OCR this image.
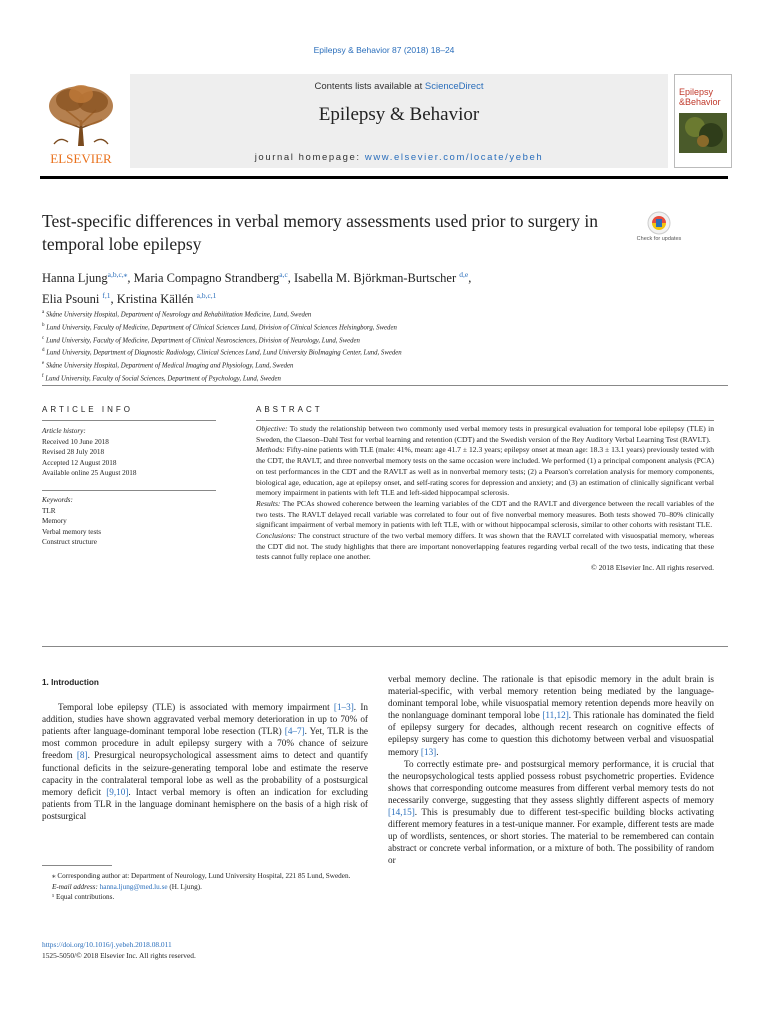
Epilepsy & Behavior 87 (2018) 18–24
ELSEVIER
Contents lists available at ScienceDirect
Epilepsy & Behavior
journal homepage: www.elsevier.com/locate/yebeh
Epilepsy
&Behavior
Test-specific differences in verbal memory assessments used prior to surgery in temporal lobe epilepsy	Check for updates
Hanna Ljung$^{a,b,c,⁎}$, Maria Compagno Strandberg$^{a,c}$, Isabella M. Björkman-Burtscher $^{d,e}$,
Elia Psouni $^{f,1}$, Kristina Källén $^{a,b,c,1}$
$^a$ Skåne University Hospital, Department of Neurology and Rehabilitation Medicine, Lund, Sweden
$^b$ Lund University, Faculty of Medicine, Department of Clinical Sciences Lund, Division of Clinical Sciences Helsingborg, Sweden
$^c$ Lund University, Faculty of Medicine, Department of Clinical Neurosciences, Division of Neurology, Lund, Sweden
$^d$ Lund University, Department of Diagnostic Radiology, Clinical Sciences Lund, Lund University BioImaging Center, Lund, Sweden
$^e$ Skåne University Hospital, Department of Medical Imaging and Physiology, Lund, Sweden
$^f$ Lund University, Faculty of Social Sciences, Department of Psychology, Lund, Sweden
ARTICLE INFO
Article history:
Received 10 June 2018
Revised 28 July 2018
Accepted 12 August 2018
Available online 25 August 2018
Keywords:
TLR
Memory
Verbal memory tests
Construct structure
ABSTRACT
Objective: To study the relationship between two commonly used verbal memory tests in presurgical evaluation for temporal lobe epilepsy (TLE) in Sweden, the Claeson–Dahl Test for verbal learning and retention (CDT) and the Swedish version of the Rey Auditory Verbal Learning Test (RAVLT).
Methods: Fifty-nine patients with TLE (male: 41%, mean: age 41.7 ± 12.3 years; epilepsy onset at mean age: 18.3 ± 13.1 years) previously tested with the CDT, the RAVLT, and three nonverbal memory tests on the same occasion were included. We performed (1) a principal component analysis (PCA) on test performances in the CDT and the RAVLT as well as in nonverbal memory tests; (2) a Pearson's correlation analysis for memory components, biological age, education, age at epilepsy onset, and self-rating scores for depression and anxiety; and (3) an estimation of clinically significant verbal memory impairment in patients with left TLE and left-sided hippocampal sclerosis.
Results: The PCAs showed coherence between the learning variables of the CDT and the RAVLT and divergence between the recall variables of the two tests. The RAVLT delayed recall variable was correlated to four out of five nonverbal memory measures. Both tests showed 70–80% clinically significant impairment of verbal memory in patients with left TLE, with or without hippocampal sclerosis, similar to other cohorts with resistant TLE.
Conclusions: The construct structure of the two verbal memory differs. It was shown that the RAVLT correlated with visuospatial memory, whereas the CDT did not. The study highlights that there are important nonoverlapping features regarding verbal recall of the two tests, indicating that these tests cannot fully replace one another.
© 2018 Elsevier Inc. All rights reserved.
1. Introduction

Temporal lobe epilepsy (TLE) is associated with memory impairment [1–3]. In addition, studies have shown aggravated verbal memory deterioration in up to 70% of patients after language-dominant temporal lobe resection (TLR) [4–7]. Yet, TLR is the most common procedure in adult epilepsy surgery with a 70% chance of seizure freedom [8]. Presurgical neuropsychological assessment aims to detect and quantify functional deficits in the seizure-generating temporal lobe and estimate the reserve capacity in the contralateral temporal lobe as well as the probability of a postsurgical memory deficit [9,10]. Intact verbal memory is often an indication for excluding patients from TLR in the language dominant hemisphere on the basis of a high risk of postsurgical

verbal memory decline. The rationale is that episodic memory in the adult brain is material-specific, with verbal memory retention being mediated by the language-dominant temporal lobe, while visuospatial memory retention depends more heavily on the nonlanguage dominant temporal lobe [11,12]. This rationale has dominated the field of epilepsy surgery for decades, although recent research on cognitive effects of epilepsy surgery has come to question this dichotomy between verbal and visuospatial memory [13].

To correctly estimate pre- and postsurgical memory performance, it is crucial that the neuropsychological tests applied possess robust psychometric properties. Evidence shows that corresponding outcome measures from different verbal memory tests do not necessarily converge, suggesting that they assess slightly different aspects of memory [14,15]. This is presumably due to different test-specific building blocks activating different memory features in a test-unique manner. For example, different tests are made up of wordlists, sentences, or short stories. The material to be remembered can contain abstract or concrete verbal information, or a mixture of both. The possibility of random or

⁎ Corresponding author at: Department of Neurology, Lund University Hospital, 221 85 Lund, Sweden.
E-mail address: hanna.ljung@med.lu.se (H. Ljung).
¹ Equal contributions.
https://doi.org/10.1016/j.yebeh.2018.08.011
1525-5050/© 2018 Elsevier Inc. All rights reserved.
